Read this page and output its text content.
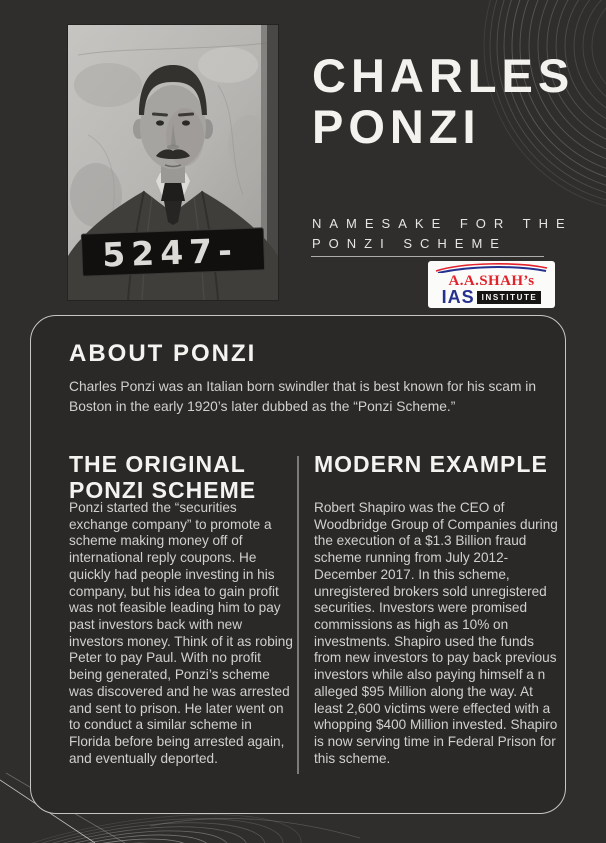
5247-
CHARLES
PONZI
NAMESAKE FOR THE
PONZI SCHEME
A.A.SHAH’s
IAS INSTITUTE
ABOUT PONZI

Charles Ponzi was an Italian born swindler that is best known for his scam in Boston in the early 1920’s later dubbed as the “Ponzi Scheme.”

THE ORIGINAL PONZI SCHEME

Ponzi started the “securities exchange company” to promote a scheme making money off of international reply coupons. He quickly had people investing in his company, but his idea to gain profit was not feasible leading him to pay past investors back with new investors money. Think of it as robing Peter to pay Paul. With no profit being generated, Ponzi’s scheme was discovered and he was arrested and sent to prison. He later went on to conduct a similar scheme in Florida before being arrested again, and eventually deported.

MODERN EXAMPLE

Robert Shapiro was the CEO of Woodbridge Group of Companies during the execution of a $1.3 Billion fraud scheme running from July 2012-December 2017. In this scheme, unregistered brokers sold unregistered securities. Investors were promised commissions as high as 10% on investments. Shapiro used the funds from new investors to pay back previous investors while also paying himself a n alleged $95 Million along the way. At least 2,600 victims were effected with a whopping $400 Million invested. Shapiro is now serving time in Federal Prison for this scheme.
